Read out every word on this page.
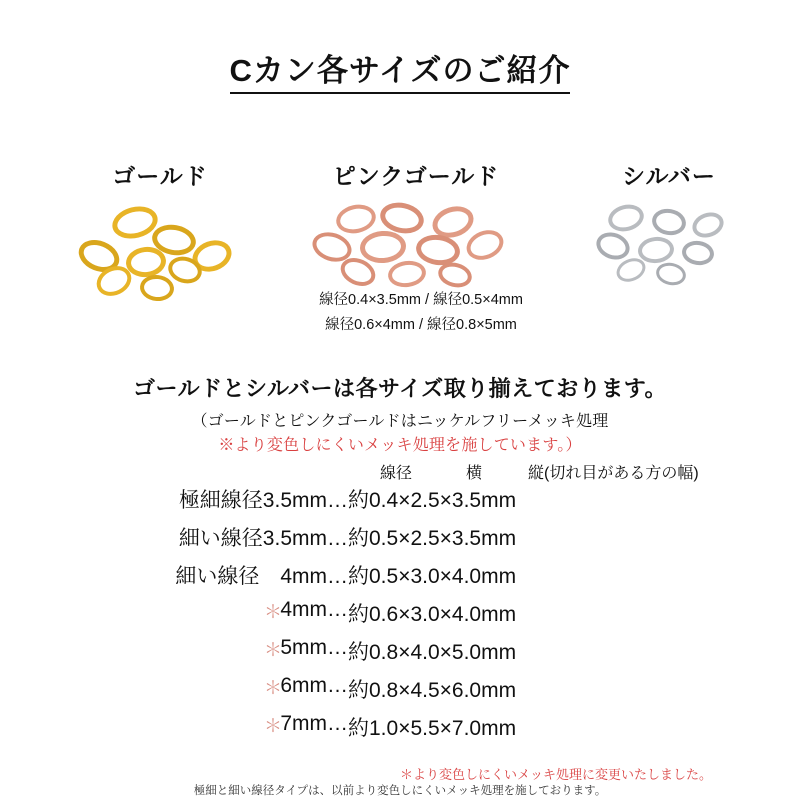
Cカン各サイズのご紹介
ゴールド	ピンクゴールド	シルバー
線径0.4×3.5mm / 線径0.5×4mm
線径0.6×4mm / 線径0.8×5mm
ゴールドとシルバーは各サイズ取り揃えております。
（ゴールドとピンクゴールドはニッケルフリーメッキ処理
※より変色しにくいメッキ処理を施しています。）
線径	横	縦(切れ目がある方の幅)
極細線径3.5mm… 約0.4×2.5×3.5mm
細い線径3.5mm… 約0.5×2.5×3.5mm
細い線径　4mm… 約0.5×3.0×4.0mm
＊
4mm… 約0.6×3.0×4.0mm
＊
5mm… 約0.8×4.0×5.0mm
＊
6mm… 約0.8×4.5×6.0mm
＊
7mm… 約1.0×5.5×7.0mm
＊より変色しにくいメッキ処理に変更いたしました。
極細と細い線径タイプは、以前より変色しにくいメッキ処理を施しております。
